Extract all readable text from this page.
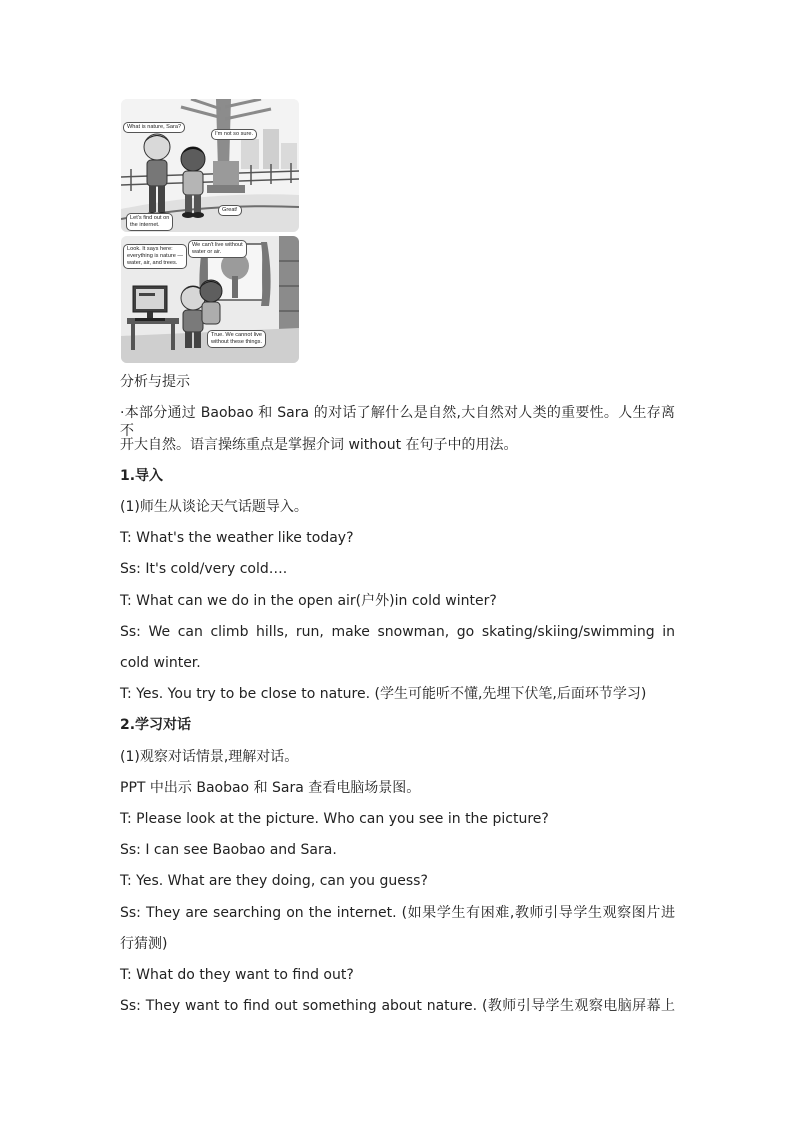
What is nature, Sara?
I'm not so sure.
Let's find out on
the internet.
Great!
Look. It says here:
everything is nature —
water, air, and trees.
We can't live without
water or air.
True. We cannot live
without these things.
分析与提示
·本部分通过 Baobao 和 Sara 的对话了解什么是自然,大自然对人类的重要性。人生存离不
开大自然。语言操练重点是掌握介词 without 在句子中的用法。
1.导入
(1)师生从谈论天气话题导入。
T: What's the weather like today?
Ss: It's cold/very cold….
T: What can we do in the open air(户外)in cold winter?
Ss: We can climb hills, run, make snowman, go skating/skiing/swimming in
cold winter.
T: Yes. You try to be close to nature. (学生可能听不懂,先埋下伏笔,后面环节学习)
2.学习对话
(1)观察对话情景,理解对话。
PPT 中出示 Baobao 和 Sara 查看电脑场景图。
T: Please look at the picture. Who can you see in the picture?
Ss: I can see Baobao and Sara.
T: Yes. What are they doing, can you guess?
Ss: They are searching on the internet. (如果学生有困难,教师引导学生观察图片进
行猜测)
T: What do they want to find out?
Ss: They want to find out something about nature. (教师引导学生观察电脑屏幕上
